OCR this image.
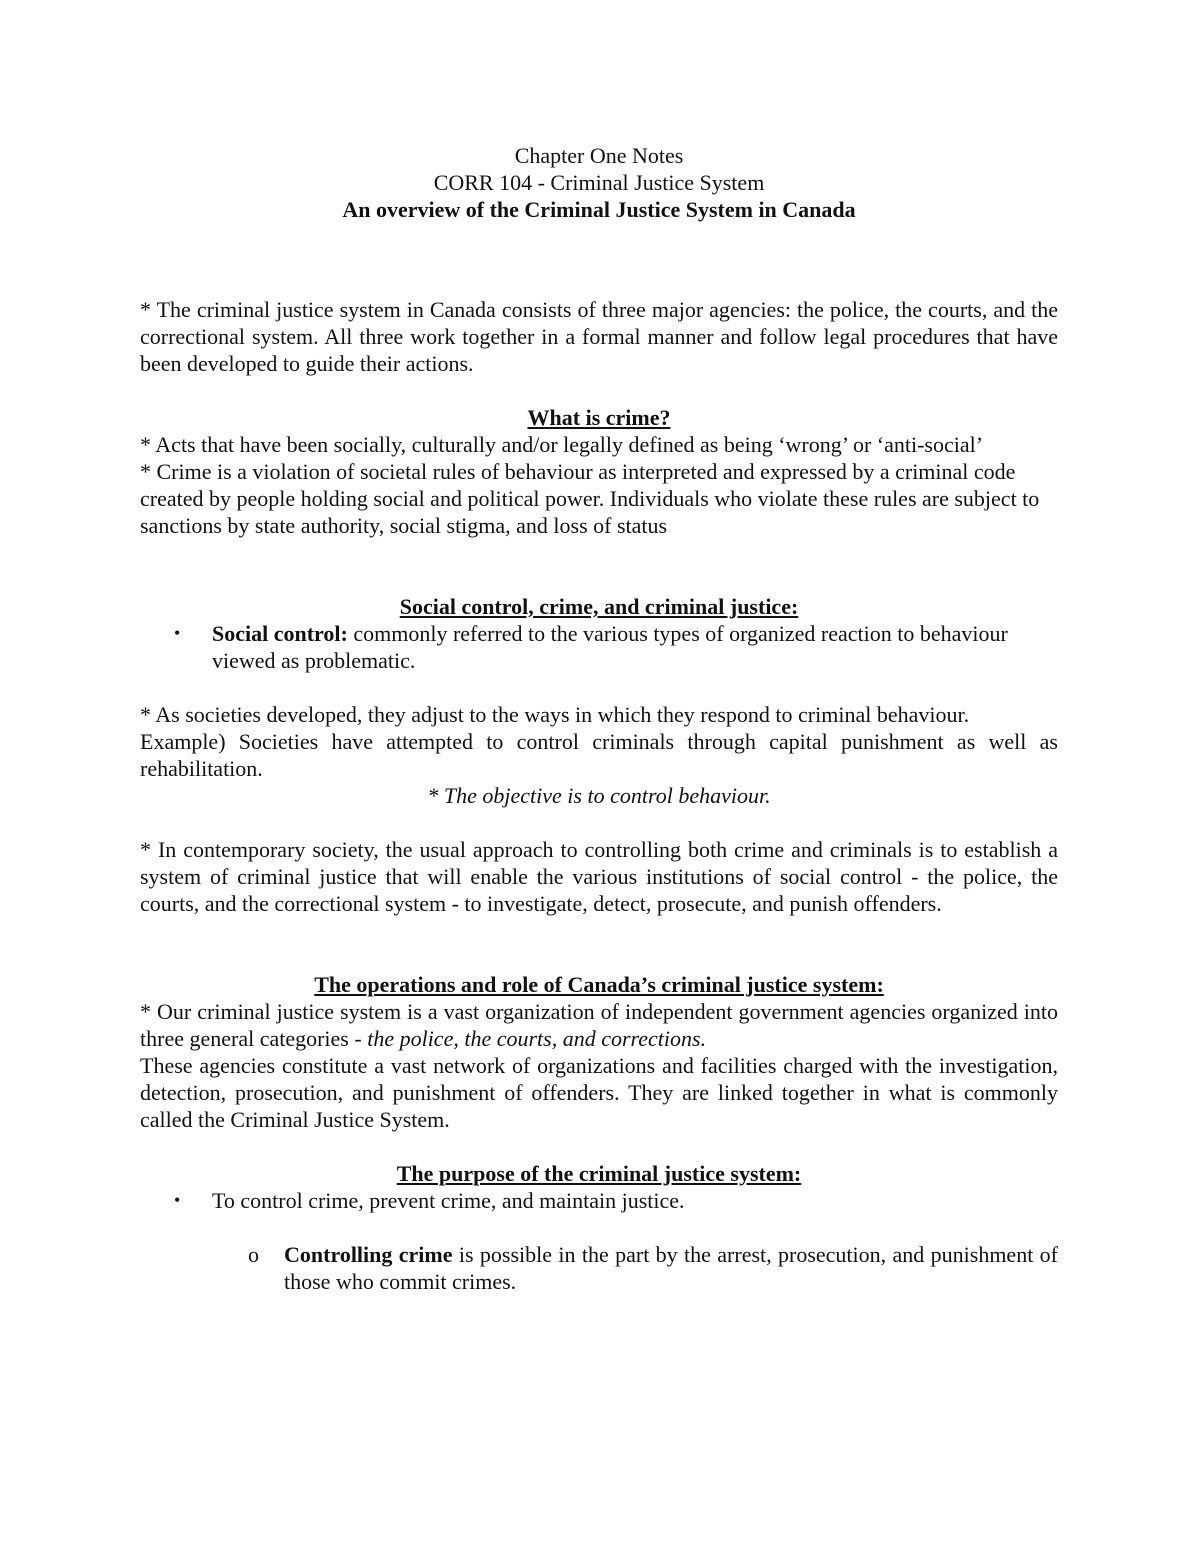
Chapter One Notes

CORR 104 - Criminal Justice System

An overview of the Criminal Justice System in Canada

* The criminal justice system in Canada consists of three major agencies: the police, the courts, and the correctional system. All three work together in a formal manner and follow legal procedures that have been developed to guide their actions.

What is crime?

* Acts that have been socially, culturally and/or legally defined as being ‘wrong’ or ‘anti-social’

* Crime is a violation of societal rules of behaviour as interpreted and expressed by a criminal code created by people holding social and political power. Individuals who violate these rules are subject to sanctions by state authority, social stigma, and loss of status

Social control, crime, and criminal justice:

• Social control: commonly referred to the various types of organized reaction to behaviour viewed as problematic.

* As societies developed, they adjust to the ways in which they respond to criminal behaviour.

Example) Societies have attempted to control criminals through capital punishment as well as rehabilitation.

* The objective is to control behaviour.

* In contemporary society, the usual approach to controlling both crime and criminals is to establish a system of criminal justice that will enable the various institutions of social control - the police, the courts, and the correctional system - to investigate, detect, prosecute, and punish offenders.

The operations and role of Canada’s criminal justice system:

* Our criminal justice system is a vast organization of independent government agencies organized into three general categories - the police, the courts, and corrections.

These agencies constitute a vast network of organizations and facilities charged with the investigation, detection, prosecution, and punishment of offenders. They are linked together in what is commonly called the Criminal Justice System.

The purpose of the criminal justice system:

• To control crime, prevent crime, and maintain justice.
o Controlling crime is possible in the part by the arrest, prosecution, and punishment of those who commit crimes.
